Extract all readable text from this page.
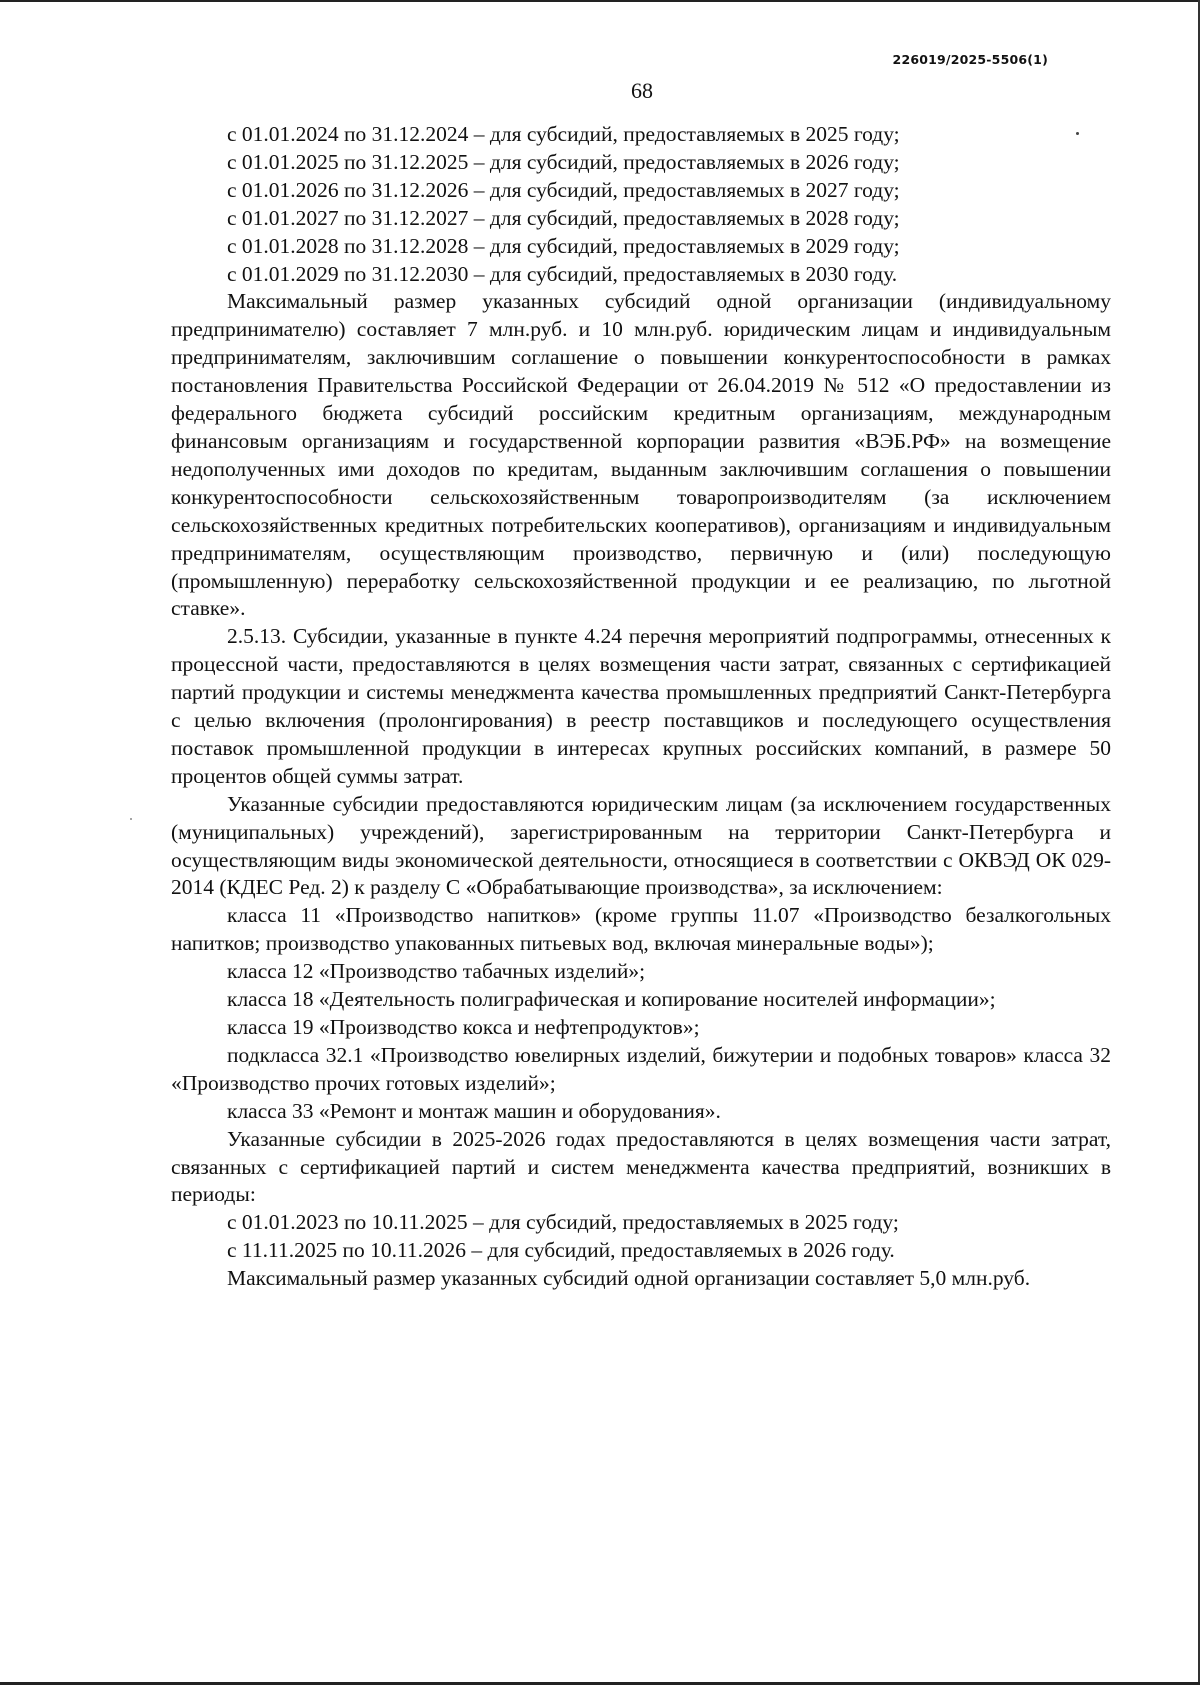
226019/2025-5506(1)
68

с 01.01.2024 по 31.12.2024 – для субсидий, предоставляемых в 2025 году;

с 01.01.2025 по 31.12.2025 – для субсидий, предоставляемых в 2026 году;

с 01.01.2026 по 31.12.2026 – для субсидий, предоставляемых в 2027 году;

с 01.01.2027 по 31.12.2027 – для субсидий, предоставляемых в 2028 году;

с 01.01.2028 по 31.12.2028 – для субсидий, предоставляемых в 2029 году;

с 01.01.2029 по 31.12.2030 – для субсидий, предоставляемых в 2030 году.

Максимальный размер указанных субсидий одной организации (индивидуальному предпринимателю) составляет 7 млн.руб. и 10 млн.руб. юридическим лицам и индивидуальным предпринимателям, заключившим соглашение о повышении конкурентоспособности в рамках постановления Правительства Российской Федерации от 26.04.2019 № 512 «О предоставлении из федерального бюджета субсидий российским кредитным организациям, международным финансовым организациям и государственной корпорации развития «ВЭБ.РФ» на возмещение недополученных ими доходов по кредитам, выданным заключившим соглашения о повышении конкурентоспособности сельскохозяйственным товаропроизводителям (за исключением сельскохозяйственных кредитных потребительских кооперативов), организациям и индивидуальным предпринимателям, осуществляющим производство, первичную и (или) последующую (промышленную) переработку сельскохозяйственной продукции и ее реализацию, по льготной ставке».

2.5.13. Субсидии, указанные в пункте 4.24 перечня мероприятий подпрограммы, отнесенных к процессной части, предоставляются в целях возмещения части затрат, связанных с сертификацией партий продукции и системы менеджмента качества промышленных предприятий Санкт-Петербурга с целью включения (пролонгирования) в реестр поставщиков и последующего осуществления поставок промышленной продукции в интересах крупных российских компаний, в размере 50 процентов общей суммы затрат.

Указанные субсидии предоставляются юридическим лицам (за исключением государственных (муниципальных) учреждений), зарегистрированным на территории Санкт-Петербурга и осуществляющим виды экономической деятельности, относящиеся в соответствии с ОКВЭД ОК 029-2014 (КДЕС Ред. 2) к разделу С «Обрабатывающие производства», за исключением:

класса 11 «Производство напитков» (кроме группы 11.07 «Производство безалкогольных напитков; производство упакованных питьевых вод, включая минеральные воды»);

класса 12 «Производство табачных изделий»;

класса 18 «Деятельность полиграфическая и копирование носителей информации»;

класса 19 «Производство кокса и нефтепродуктов»;

подкласса 32.1 «Производство ювелирных изделий, бижутерии и подобных товаров» класса 32 «Производство прочих готовых изделий»;

класса 33 «Ремонт и монтаж машин и оборудования».

Указанные субсидии в 2025-2026 годах предоставляются в целях возмещения части затрат, связанных с сертификацией партий и систем менеджмента качества предприятий, возникших в периоды:

с 01.01.2023 по 10.11.2025 – для субсидий, предоставляемых в 2025 году;

с 11.11.2025 по 10.11.2026 – для субсидий, предоставляемых в 2026 году.

Максимальный размер указанных субсидий одной организации составляет 5,0 млн.руб.
